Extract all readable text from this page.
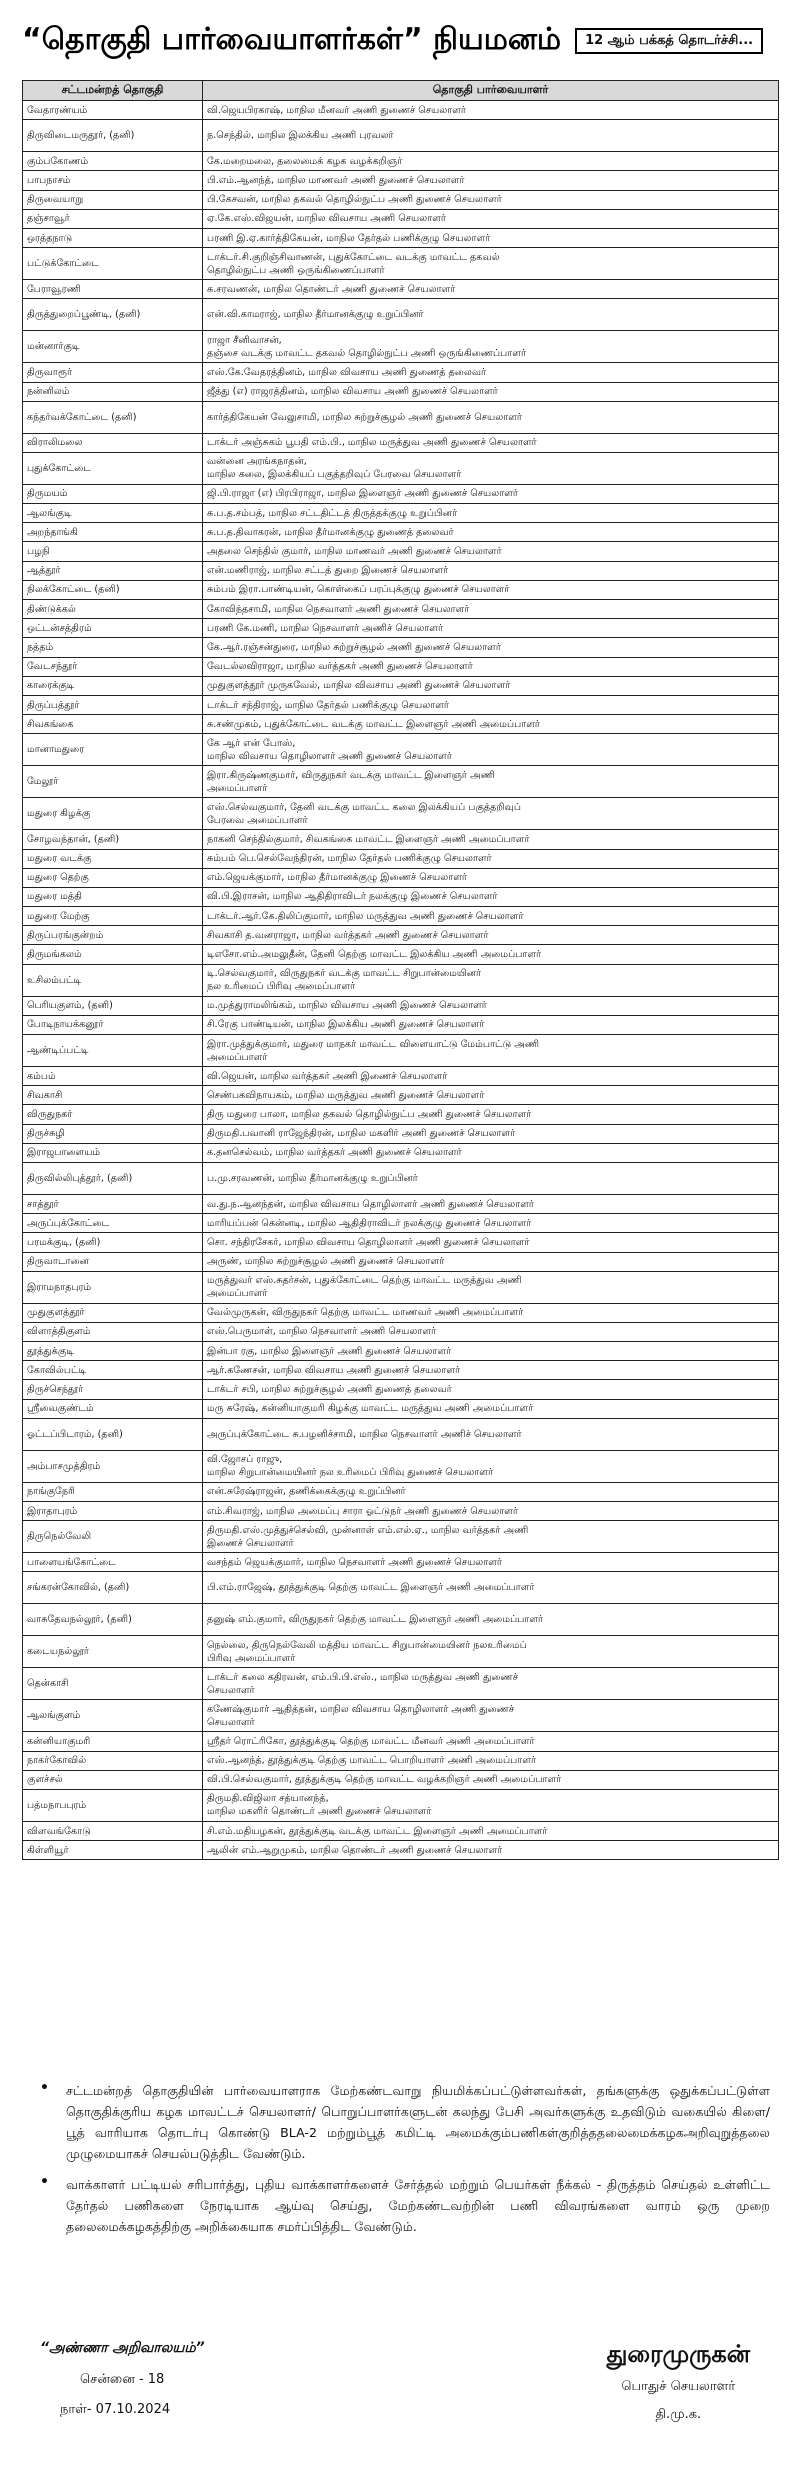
“தொகுதி பார்வையாளர்கள்” நியமனம்	12 ஆம் பக்கத் தொடர்ச்சி...
சட்டமன்றத் தொகுதி	தொகுதி பார்வையாளர்
வேதாரண்யம்	வி.ஜெயபிரகாஷ், மாநில மீனவர் அணி துணைச் செயலாளர்
திருவிடைமருதூர், (தனி)	ந.செந்தில், மாநில இலக்கிய அணி புரவலர்
கும்பகோணம்	கே.மறைமலை, தலைமைக் கழக வழக்கறிஞர்
பாபநாசம்	பி.எம்.ஆனந்த், மாநில மாணவர் அணி துணைச் செயலாளர்
திருவையாறு	பி.கேசவன், மாநில தகவல் தொழில்நுட்ப அணி துணைச் செயலாளர்
தஞ்சாவூர்	ஏ.கே.எஸ்.விஜயன், மாநில விவசாய அணி செயலாளர்
ஒரத்தநாடு	பரணி இ.ஏ.கார்த்திகேயன், மாநில தேர்தல் பணிக்குழு செயலாளர்
பட்டுக்கோட்டை	டாக்டர்.சி.குறிஞ்சிவாணன், புதுக்கோட்டை வடக்கு மாவட்ட தகவல்
தொழில்நுட்ப அணி ஒருங்கிணைப்பாளர்
பேராவூரணி	சு.சரவணன், மாநில தொண்டர் அணி துணைச் செயலாளர்
திருத்துறைப்பூண்டி, (தனி)	என்.வி.காமராஜ், மாநில தீர்மானக்குழு உறுப்பினர்
மன்னார்குடி	ராஜா சீனிவாசன்,
தஞ்சை வடக்கு மாவட்ட தகவல் தொழில்நுட்ப அணி ஒருங்கிணைப்பாளர்
திருவாரூர்	எஸ்.கே.வேதரத்தினம், மாநில விவசாய அணி துணைத் தலைவர்
நன்னிலம்	ஜீத்து (எ) ராஜரத்தினம், மாநில விவசாய அணி துணைச் செயலாளர்
கந்தர்வக்கோட்டை (தனி)	கார்த்திகேயன் வேலுசாமி, மாநில சுற்றுச்சூழல் அணி துணைச் செயலாளர்
விராலிமலை	டாக்டர் அஞ்சுகம் பூபதி எம்.பி., மாநில மருத்துவ அணி துணைச் செயலாளர்
புதுக்கோட்டை	வன்னை அரங்கநாதன்,
மாநில கலை, இலக்கியப் பகுத்தறிவுப் பேரவை செயலாளர்
திருமயம்	ஜி.பி.ராஜா (எ) பிரபிராஜா, மாநில இளைஞர் அணி துணைச் செயலாளர்
ஆலங்குடி	சு.ப.த.சம்பத், மாநில சட்டதிட்டத் திருத்தக்குழு உறுப்பினர்
அறந்தாங்கி	சு.ப.த.திவாகரன், மாநில தீர்மானக்குழு துணைத் தலைவர்
பழநி	அதலை செந்தில் குமார், மாநில மாணவர் அணி துணைச் செயலாளர்
ஆத்தூர்	என்.மணிராஜ், மாநில சட்டத் துறை இணைச் செயலாளர்
நிலக்கோட்டை (தனி)	சும்பம் இரா.பாண்டியன், கொள்கைப் பரப்புக்குழு துணைச் செயலாளர்
திண்டுக்கல்	கோவிந்தசாமி, மாநில நெசவாளர் அணி துணைச் செயலாளர்
ஒட்டன்சத்திரம்	பரணி கே.மணி, மாநில நெசவாளர் அணிச் செயலாளர்
நத்தம்	கே.ஆர்.ரஞ்சன்துரை, மாநில சுற்றுச்சூழல் அணி துணைச் செயலாளர்
வேடசந்தூர்	வேடல்லவிராஜா, மாநில வர்த்தகர் அணி துணைச் செயலாளர்
காரைக்குடி	முதுகுளத்தூர் முருகவேல், மாநில விவசாய அணி துணைச் செயலாளர்
திருப்பத்தூர்	டாக்டர் சந்திராஜ், மாநில தேர்தல் பணிக்குழு செயலாளர்
சிவகங்கை	சு.சண்முகம், புதுக்கோட்டை வடக்கு மாவட்ட இளைஞர் அணி அமைப்பாளர்
மானாமதுரை	கே ஆர் என் போஸ்,
மாநில விவசாய தொழிலாளர் அணி துணைச் செயலாளர்
மேலூர்	இரா.கிருஷ்ணகுமார், விருதுநகர் வடக்கு மாவட்ட இளைஞர் அணி
அமைப்பாளர்
மதுரை கிழக்கு	எஸ்.செல்வகுமார், தேனி வடக்கு மாவட்ட கலை இலக்கியப் பகுத்தறிவுப்
பேரவை அமைப்பாளர்
சோழவந்தான், (தனி)	நாகனி செந்தில்குமார், சிவகங்கை மாவட்ட இளைஞர் அணி அமைப்பாளர்
மதுரை வடக்கு	சும்பம் பெ.செல்வேந்திரன், மாநில தேர்தல் பணிக்குழு செயலாளர்
மதுரை தெற்கு	எம்.ஜெயக்குமார், மாநில தீர்மானக்குழு இணைச் செயலாளர்
மதுரை மத்தி	வி.பி.இராசன், மாநில ஆதிதிராவிடர் நலக்குழு இணைச் செயலாளர்
மதுரை மேற்கு	டாக்டர்.ஆர்.கே.திலிப்குமார், மாநில மருத்துவ அணி துணைச் செயலாளர்
திருப்பரங்குன்றம்	சிவகாசி த.வனராஜா, மாநில வர்த்தகர் அணி துணைச் செயலாளர்
திருமங்கலம்	டிஎசோ.எம்.அமலுதீன், தேனி தெற்கு மாவட்ட இலக்கிய அணி அமைப்பாளர்
உசிலம்பட்டி	டி.செல்வகுமார், விருதுநகர் வடக்கு மாவட்ட சிறுபான்மையினர்
நல உரிமைப் பிரிவு அமைப்பாளர்
பெரியகுளம், (தனி)	ம.முத்துராமலிங்கம், மாநில விவசாய அணி இணைச் செயலாளர்
போடிநாயக்கனூர்	சி.ரேகு பாண்டியன், மாநில இலக்கிய அணி துணைச் செயலாளர்
ஆண்டிப்பட்டி	இரா.முத்துக்குமார், மதுரை மாநகர் மாவட்ட விளையாட்டு மேம்பாட்டு அணி
அமைப்பாளர்
கம்பம்	வி.ஜெயன், மாநில வர்த்தகர் அணி இணைச் செயலாளர்
சிவகாசி	செண்பகவிநாயகம், மாநில மருத்துவ அணி துணைச் செயலாளர்
விருதுநகர்	திரு மதுரை பாலா, மாநில தகவல் தொழில்நுட்ப அணி துணைச் செயலாளர்
திருச்சுழி	திருமதி.பவானி ராஜேந்திரன், மாநில மகளிர் அணி துணைச் செயலாளர்
இராஜபாளையம்	க.தனசெல்வம், மாநில வர்த்தகர் அணி துணைச் செயலாளர்
திருவில்லிபுத்தூர், (தனி)	ப.மு.சரவணன், மாநில தீர்மானக்குழு உறுப்பினர்
சாத்தூர்	வ.து.ந.ஆனந்தன், மாநில விவசாய தொழிலாளர் அணி துணைச் செயலாளர்
அருப்புக்கோட்டை	மாரியப்பன் கென்னடி, மாநில ஆதிதிராவிடர் நலக்குழு துணைச் செயலாளர்
பரமக்குடி, (தனி)	சொ. சந்திரசேகர், மாநில விவசாய தொழிலாளர் அணி துணைச் செயலாளர்
திருவாடானை	அருண், மாநில சுற்றுச்சூழல் அணி துணைச் செயலாளர்
இராமநாதபுரம்	மருத்துவர் எஸ்.சுதர்சன், புதுக்கோட்டை தெற்கு மாவட்ட மருத்துவ அணி
அமைப்பாளர்
முதுகுளத்தூர்	வேல்முருகன், விருதுநகர் தெற்கு மாவட்ட மாணவர் அணி அமைப்பாளர்
விளாத்திகுளம்	எஸ்.பெருமாள், மாநில நெசவாளர் அணி செயலாளர்
தூத்துக்குடி	இன்பா ரகு, மாநில இளைஞர் அணி துணைச் செயலாளர்
கோவில்பட்டி	ஆர்.கணேசன், மாநில விவசாய அணி துணைச் செயலாளர்
திருச்செந்தூர்	டாக்டர் சபி, மாநில சுற்றுச்சூழல் அணி துணைத் தலைவர்
ஸ்ரீவைகுண்டம்	மரு சுரேஷ், கன்னியாகுமரி கிழக்கு மாவட்ட மருத்துவ அணி அமைப்பாளர்
ஓட்டப்பிடாரம், (தனி)	அருப்புக்கோட்டை சு.பழனிச்சாமி, மாநில நெசவாளர் அணிச் செயலாளர்
அம்பாசமுத்திரம்	வி.ஜோசப் ராஜு,
மாநில சிறுபான்மையினர் நல உரிமைப் பிரிவு துணைச் செயலாளர்
நாங்குநேரி	என்.சுரேஷ்ராஜன், தணிக்கைக்குழு உறுப்பினர்
இராதாபுரம்	எம்.சிவராஜ், மாநில அமைப்பு சாரா ஓட்டுநர் அணி துணைச் செயலாளர்
திருநெல்வேலி	திருமதி.எஸ்.முத்துச்செல்வி, முன்னாள் எம்.எல்.ஏ., மாநில வர்த்தகர் அணி
இணைச் செயலாளர்
பாளையங்கோட்டை	வசந்தம் ஜெயக்குமார், மாநில நெசவாளர் அணி துணைச் செயலாளர்
சங்கரன்கோவில், (தனி)	பி.எம்.ராஜேஷ், தூத்துக்குடி தெற்கு மாவட்ட இளைஞர் அணி அமைப்பாளர்
வாசுதேவநல்லூர், (தனி)	தனுஷ் எம்.குமார், விருதுநகர் தெற்கு மாவட்ட இளைஞர் அணி அமைப்பாளர்
கடையநல்லூர்	நெல்லை, திருநெல்வேலி மத்திய மாவட்ட சிறுபான்மையினர் நலஉரிமைப்
பிரிவு அமைப்பாளர்
தென்காசி	டாக்டர் கலை கதிரவன், எம்.பி.பி.எஸ்., மாநில மருத்துவ அணி துணைச்
செயலாளர்
ஆலங்குளம்	கணேஷ்குமார் ஆதித்தன், மாநில விவசாய தொழிலாளர் அணி துணைச்
செயலாளர்
கன்னியாகுமரி	ஸ்ரீதர் ரொட்ரிகோ, தூத்துக்குடி தெற்கு மாவட்ட மீனவர் அணி அமைப்பாளர்
நாகர்கோவில்	எஸ்.ஆனந்த், தூத்துக்குடி தெற்கு மாவட்ட பொறியாளர் அணி அமைப்பாளர்
குளச்சல்	வி.பி.செல்வகுமார், தூத்துக்குடி தெற்கு மாவட்ட வழக்கறிஞர் அணி அமைப்பாளர்
பத்மநாபபுரம்	திருமதி.விஜிலா சத்யானந்த்,
மாநில மகளிர் தொண்டர் அணி துணைச் செயலாளர்
விளவங்கோடு	சி.எம்.மதியழகன், தூத்துக்குடி வடக்கு மாவட்ட இளைஞர் அணி அமைப்பாளர்
கிள்ளியூர்	ஆலின் எம்.ஆறுமுகம், மாநில தொண்டர் அணி துணைச் செயலாளர்
•	சட்டமன்றத் தொகுதியின் பார்வையாளராக மேற்கண்டவாறு நியமிக்கப்பட்டுள்ளவர்கள், தங்களுக்கு ஒதுக்கப்பட்டுள்ள தொகுதிக்குரிய கழக மாவட்டச் செயலாளர்/ பொறுப்பாளர்களுடன் கலந்து பேசி அவர்களுக்கு உதவிடும் வகையில் கிளை/பூத் வாரியாக தொடர்பு கொண்டு BLA-2 மற்றும்பூத் கமிட்டி அமைக்கும்பணிகள்குறித்ததலைமைக்கழகஅறிவுறுத்தலை முழுமையாகச் செயல்படுத்திட வேண்டும்.
•	வாக்காளர் பட்டியல் சரிபார்த்து, புதிய வாக்காளர்களைச் சேர்த்தல் மற்றும் பெயர்கள் நீக்கல் - திருத்தம் செய்தல் உள்ளிட்ட தேர்தல் பணிகளை நேரடியாக ஆய்வு செய்து, மேற்கண்டவற்றின் பணி விவரங்களை வாரம் ஒரு முறை தலைமைக்கழகத்திற்கு அறிக்கையாக சமர்ப்பித்திட வேண்டும்.
“அண்ணா அறிவாலயம்”
சென்னை - 18
நாள்- 07.10.2024
துரைமுருகன்
பொதுச் செயலாளர்
தி.மு.க.
